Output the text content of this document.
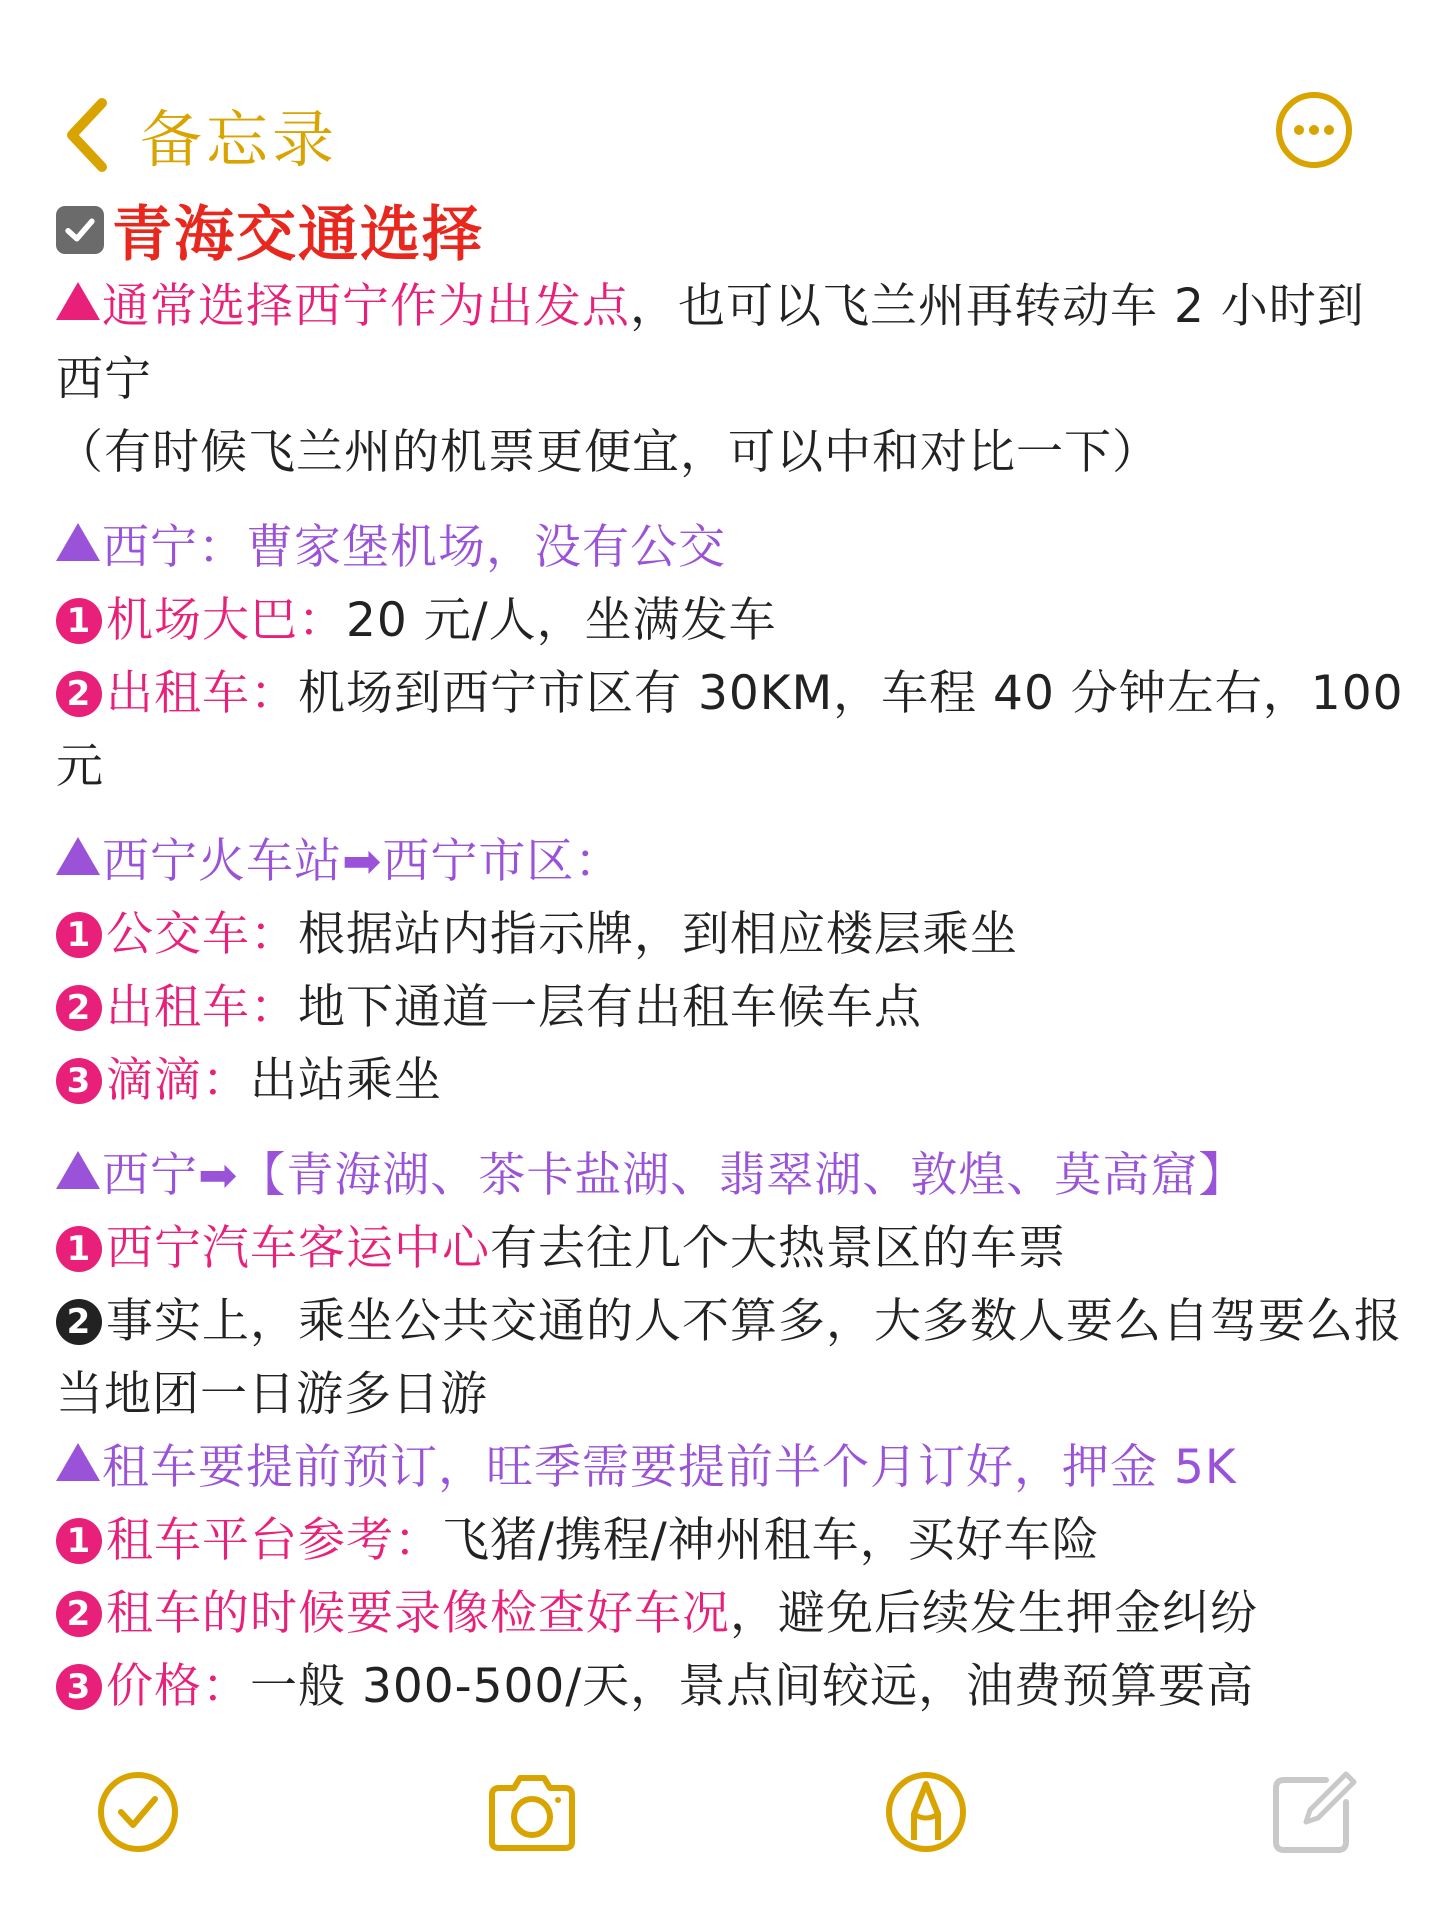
备忘录
青海交通选择

通常选择西宁作为出发点，也可以飞兰州再转动车 2 小时到西宁

（有时候飞兰州的机票更便宜，可以中和对比一下）

西宁：曹家堡机场，没有公交

1 机场大巴：20 元/人，坐满发车

2 出租车：机场到西宁市区有 30KM，车程 40 分钟左右，100 元

西宁火车站➡西宁市区：

1 公交车：根据站内指示牌，到相应楼层乘坐

2 出租车：地下通道一层有出租车候车点

3 滴滴：出站乘坐

西宁➡【青海湖、茶卡盐湖、翡翠湖、敦煌、莫高窟】

1 西宁汽车客运中心有去往几个大热景区的车票

2 事实上，乘坐公共交通的人不算多，大多数人要么自驾要么报当地团一日游多日游

租车要提前预订，旺季需要提前半个月订好，押金 5K

1 租车平台参考：飞猪/携程/神州租车，买好车险

2 租车的时候要录像检查好车况，避免后续发生押金纠纷

3 价格：一般 300-500/天，景点间较远，油费预算要高
